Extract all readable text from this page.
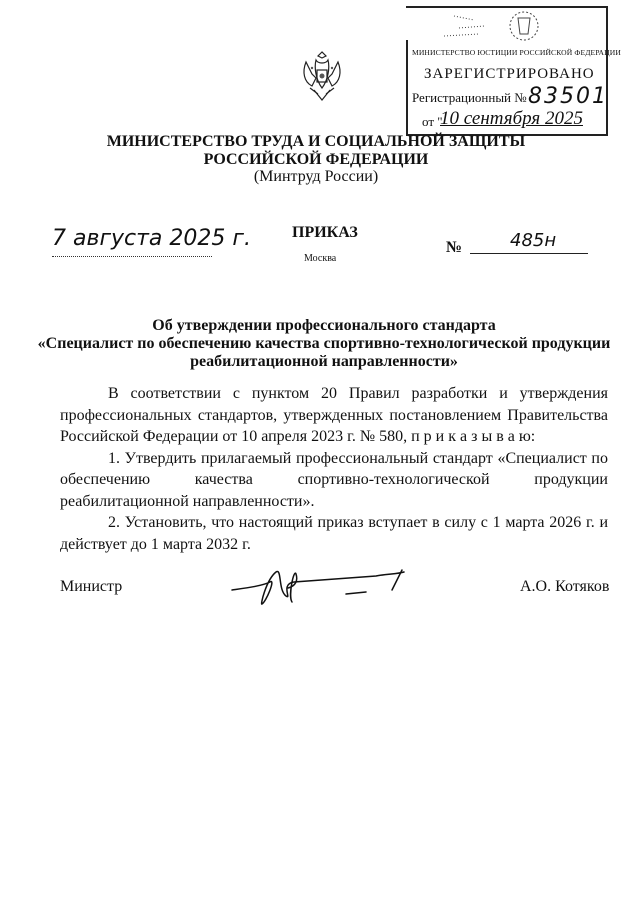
МИНИСТЕРСТВО ЮСТИЦИИ РОССИЙСКОЙ ФЕДЕРАЦИИ
ЗАРЕГИСТРИРОВАНО
Регистрационный № 83501
от "
10 сентября 2025
МИНИСТЕРСТВО ТРУДА И СОЦИАЛЬНОЙ ЗАЩИТЫ
РОССИЙСКОЙ ФЕДЕРАЦИИ
(Минтруд России)
7 августа 2025 г.	ПРИКАЗ
Москва
№	485н
Об утверждении профессионального стандарта
«Специалист по обеспечению качества спортивно-технологической продукции
реабилитационной направленности»

В соответствии с пунктом 20 Правил разработки и утверждения профессиональных стандартов, утвержденных постановлением Правительства Российской Федерации от 10 апреля 2023 г. № 580, п р и к а з ы в а ю:

1. Утвердить прилагаемый профессиональный стандарт «Специалист по обеспечению качества спортивно-технологической продукции реабилитационной направленности».

2. Установить, что настоящий приказ вступает в силу с 1 марта 2026 г. и действует до 1 марта 2032 г.

Министр	А.О. Котяков
